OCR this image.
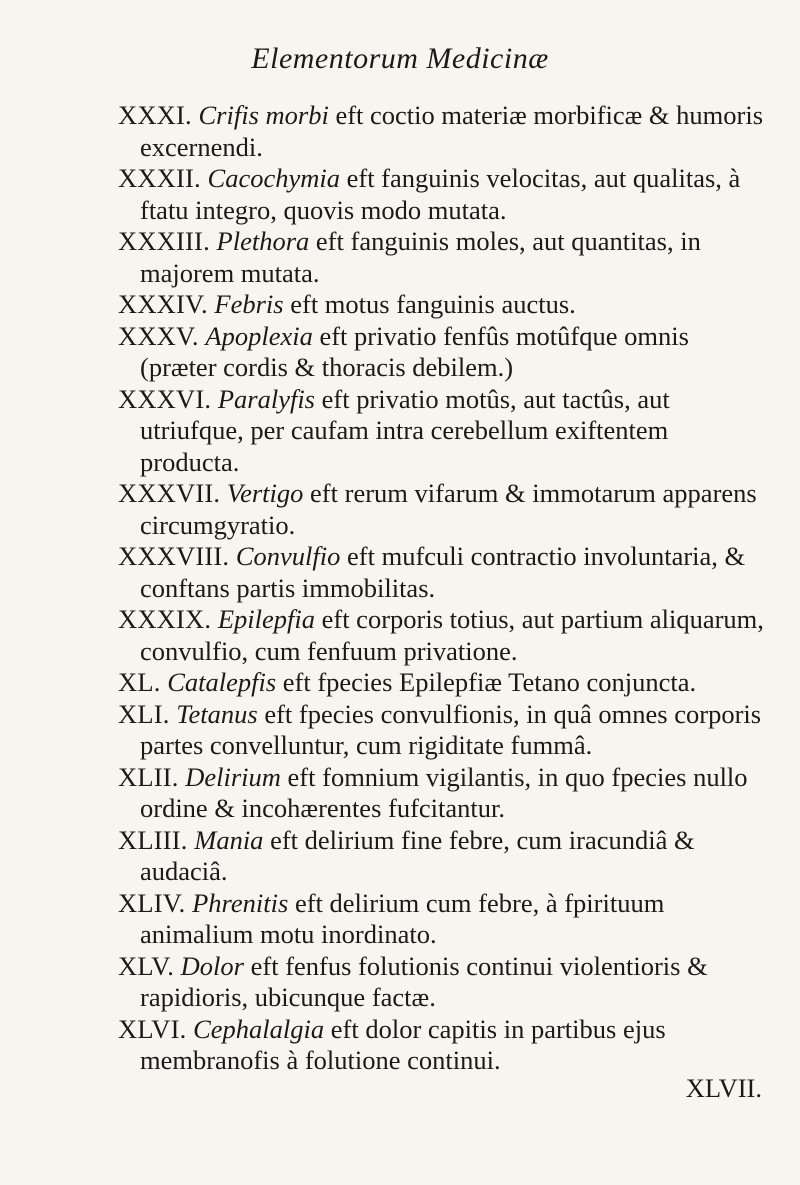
Elementorum Medicinæ

XXXI. Crifis morbi eft coctio materiæ morbificæ & humoris excernendi.

XXXII. Cacochymia eft fanguinis velocitas, aut qualitas, à ftatu integro, quovis modo mutata.

XXXIII. Plethora eft fanguinis moles, aut quantitas, in majorem mutata.

XXXIV. Febris eft motus fanguinis auctus.

XXXV. Apoplexia eft privatio fenfûs motûfque omnis (præter cordis & thoracis debilem.)

XXXVI. Paralyfis eft privatio motûs, aut tactûs, aut utriufque, per caufam intra cerebellum exiftentem producta.

XXXVII. Vertigo eft rerum vifarum & immotarum apparens circumgyratio.

XXXVIII. Convulfio eft mufculi contractio involuntaria, & conftans partis immobilitas.

XXXIX. Epilepfia eft corporis totius, aut partium aliquarum, convulfio, cum fenfuum privatione.

XL. Catalepfis eft fpecies Epilepfiæ Tetano conjuncta.

XLI. Tetanus eft fpecies convulfionis, in quâ omnes corporis partes convelluntur, cum rigiditate fummâ.

XLII. Delirium eft fomnium vigilantis, in quo fpecies nullo ordine & incohærentes fufcitantur.

XLIII. Mania eft delirium fine febre, cum iracundiâ & audaciâ.

XLIV. Phrenitis eft delirium cum febre, à fpirituum animalium motu inordinato.

XLV. Dolor eft fenfus folutionis continui violentioris & rapidioris, ubicunque factæ.

XLVI. Cephalalgia eft dolor capitis in partibus ejus membranofis à folutione continui.

XLVII.
